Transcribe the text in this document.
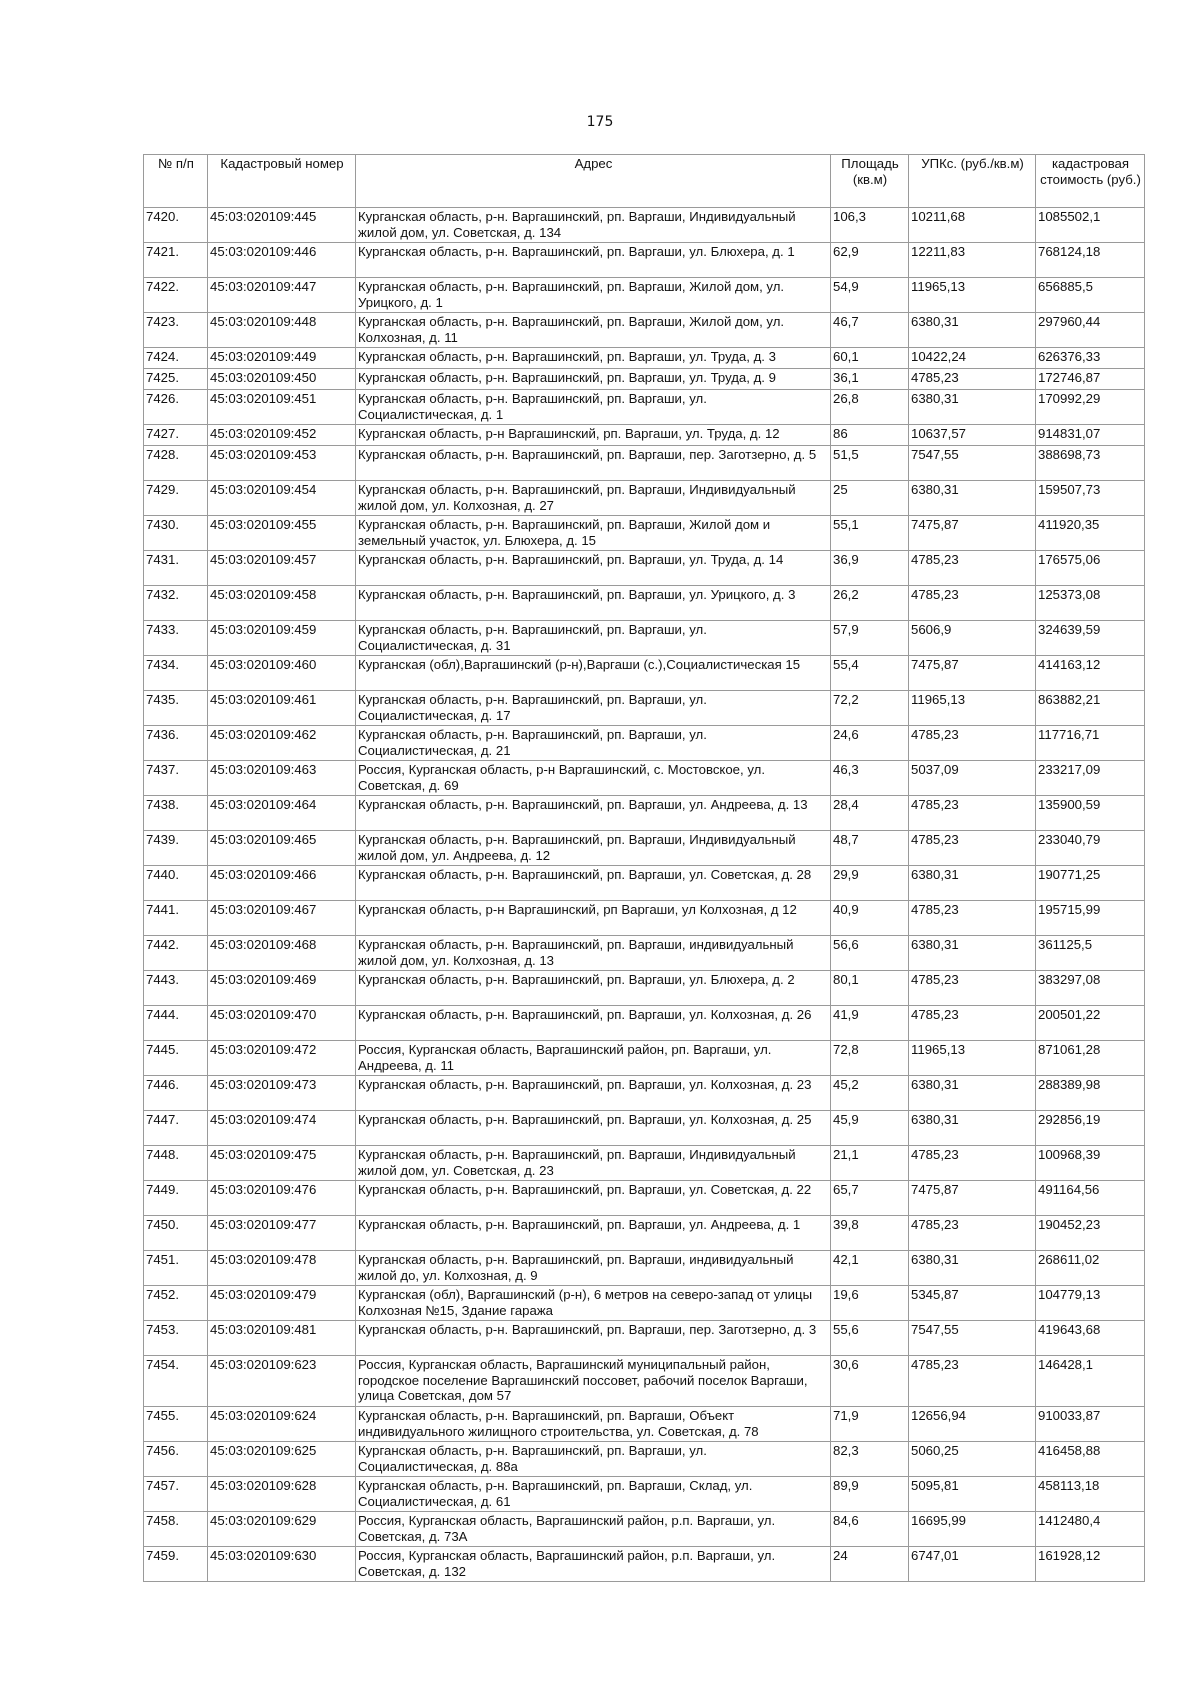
175
№ п/п	Кадастровый номер	Адрес	Площадь (кв.м)	УПКс. (руб./кв.м)	кадастровая стоимость (руб.)
7420.	45:03:020109:445	Курганская область, р-н. Варгашинский, рп. Варгаши, Индивидуальный жилой дом, ул. Советская, д. 134	106,3	10211,68	1085502,1
7421.	45:03:020109:446	Курганская область, р-н. Варгашинский, рп. Варгаши, ул. Блюхера, д. 1	62,9	12211,83	768124,18
7422.	45:03:020109:447	Курганская область, р-н. Варгашинский, рп. Варгаши, Жилой дом, ул. Урицкого, д. 1	54,9	11965,13	656885,5
7423.	45:03:020109:448	Курганская область, р-н. Варгашинский, рп. Варгаши, Жилой дом, ул. Колхозная, д. 11	46,7	6380,31	297960,44
7424.	45:03:020109:449	Курганская область, р-н. Варгашинский, рп. Варгаши, ул. Труда, д. 3	60,1	10422,24	626376,33
7425.	45:03:020109:450	Курганская область, р-н. Варгашинский, рп. Варгаши, ул. Труда, д. 9	36,1	4785,23	172746,87
7426.	45:03:020109:451	Курганская область, р-н. Варгашинский, рп. Варгаши, ул. Социалистическая, д. 1	26,8	6380,31	170992,29
7427.	45:03:020109:452	Курганская область, р-н Варгашинский, рп. Варгаши, ул. Труда, д. 12	86	10637,57	914831,07
7428.	45:03:020109:453	Курганская область, р-н. Варгашинский, рп. Варгаши, пер. Заготзерно, д. 5	51,5	7547,55	388698,73
7429.	45:03:020109:454	Курганская область, р-н. Варгашинский, рп. Варгаши, Индивидуальный жилой дом, ул. Колхозная, д. 27	25	6380,31	159507,73
7430.	45:03:020109:455	Курганская область, р-н. Варгашинский, рп. Варгаши, Жилой дом и земельный участок, ул. Блюхера, д. 15	55,1	7475,87	411920,35
7431.	45:03:020109:457	Курганская область, р-н. Варгашинский, рп. Варгаши, ул. Труда, д. 14	36,9	4785,23	176575,06
7432.	45:03:020109:458	Курганская область, р-н. Варгашинский, рп. Варгаши, ул. Урицкого, д. 3	26,2	4785,23	125373,08
7433.	45:03:020109:459	Курганская область, р-н. Варгашинский, рп. Варгаши, ул. Социалистическая, д. 31	57,9	5606,9	324639,59
7434.	45:03:020109:460	Курганская (обл),Варгашинский (р-н),Варгаши (с.),Социалистическая 15	55,4	7475,87	414163,12
7435.	45:03:020109:461	Курганская область, р-н. Варгашинский, рп. Варгаши, ул. Социалистическая, д. 17	72,2	11965,13	863882,21
7436.	45:03:020109:462	Курганская область, р-н. Варгашинский, рп. Варгаши, ул. Социалистическая, д. 21	24,6	4785,23	117716,71
7437.	45:03:020109:463	Россия, Курганская область, р-н Варгашинский, с. Мостовское, ул. Советская, д. 69	46,3	5037,09	233217,09
7438.	45:03:020109:464	Курганская область, р-н. Варгашинский, рп. Варгаши, ул. Андреева, д. 13	28,4	4785,23	135900,59
7439.	45:03:020109:465	Курганская область, р-н. Варгашинский, рп. Варгаши, Индивидуальный жилой дом, ул. Андреева, д. 12	48,7	4785,23	233040,79
7440.	45:03:020109:466	Курганская область, р-н. Варгашинский, рп. Варгаши, ул. Советская, д. 28	29,9	6380,31	190771,25
7441.	45:03:020109:467	Курганская область, р-н Варгашинский, рп Варгаши, ул Колхозная, д 12	40,9	4785,23	195715,99
7442.	45:03:020109:468	Курганская область, р-н. Варгашинский, рп. Варгаши, индивидуальный жилой дом, ул. Колхозная, д. 13	56,6	6380,31	361125,5
7443.	45:03:020109:469	Курганская область, р-н. Варгашинский, рп. Варгаши, ул. Блюхера, д. 2	80,1	4785,23	383297,08
7444.	45:03:020109:470	Курганская область, р-н. Варгашинский, рп. Варгаши, ул. Колхозная, д. 26	41,9	4785,23	200501,22
7445.	45:03:020109:472	Россия, Курганская область, Варгашинский район, рп. Варгаши, ул. Андреева, д. 11	72,8	11965,13	871061,28
7446.	45:03:020109:473	Курганская область, р-н. Варгашинский, рп. Варгаши, ул. Колхозная, д. 23	45,2	6380,31	288389,98
7447.	45:03:020109:474	Курганская область, р-н. Варгашинский, рп. Варгаши, ул. Колхозная, д. 25	45,9	6380,31	292856,19
7448.	45:03:020109:475	Курганская область, р-н. Варгашинский, рп. Варгаши, Индивидуальный жилой дом, ул. Советская, д. 23	21,1	4785,23	100968,39
7449.	45:03:020109:476	Курганская область, р-н. Варгашинский, рп. Варгаши, ул. Советская, д. 22	65,7	7475,87	491164,56
7450.	45:03:020109:477	Курганская область, р-н. Варгашинский, рп. Варгаши, ул. Андреева, д. 1	39,8	4785,23	190452,23
7451.	45:03:020109:478	Курганская область, р-н. Варгашинский, рп. Варгаши, индивидуальный жилой до, ул. Колхозная, д. 9	42,1	6380,31	268611,02
7452.	45:03:020109:479	Курганская (обл), Варгашинский (р-н), 6 метров на северо-запад от улицы Колхозная №15, Здание гаража	19,6	5345,87	104779,13
7453.	45:03:020109:481	Курганская область, р-н. Варгашинский, рп. Варгаши, пер. Заготзерно, д. 3	55,6	7547,55	419643,68
7454.	45:03:020109:623	Россия, Курганская область, Варгашинский муниципальный район, городское поселение Варгашинский поссовет, рабочий поселок Варгаши, улица Советская, дом 57	30,6	4785,23	146428,1
7455.	45:03:020109:624	Курганская область, р-н. Варгашинский, рп. Варгаши, Объект индивидуального жилищного строительства, ул. Советская, д. 78	71,9	12656,94	910033,87
7456.	45:03:020109:625	Курганская область, р-н. Варгашинский, рп. Варгаши, ул. Социалистическая, д. 88а	82,3	5060,25	416458,88
7457.	45:03:020109:628	Курганская область, р-н. Варгашинский, рп. Варгаши, Склад, ул. Социалистическая, д. 61	89,9	5095,81	458113,18
7458.	45:03:020109:629	Россия, Курганская область, Варгашинский район, р.п. Варгаши, ул. Советская, д. 73А	84,6	16695,99	1412480,4
7459.	45:03:020109:630	Россия, Курганская область, Варгашинский район, р.п. Варгаши, ул. Советская, д. 132	24	6747,01	161928,12
